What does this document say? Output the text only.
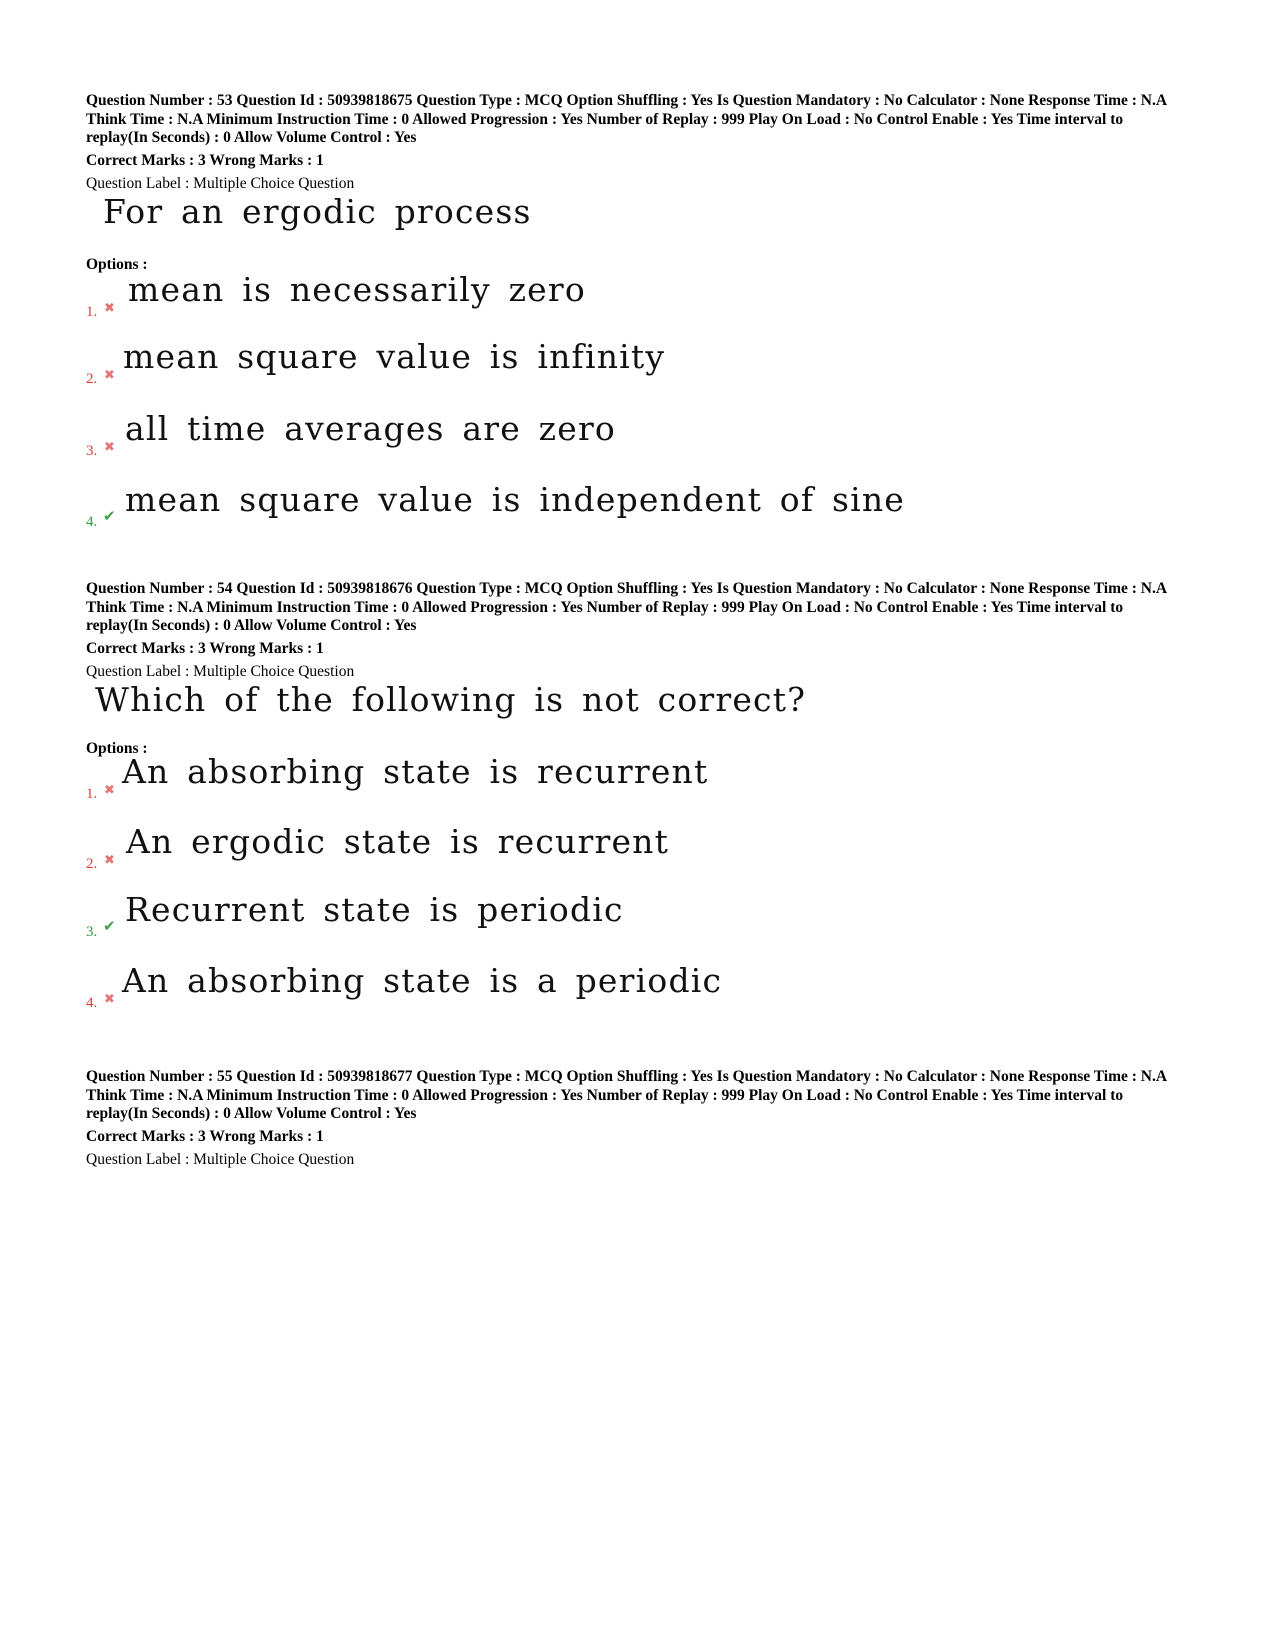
Question Number : 53 Question Id : 50939818675 Question Type : MCQ Option Shuffling : Yes Is Question Mandatory : No Calculator : None Response Time : N.A Think Time : N.A Minimum Instruction Time : 0 Allowed Progression : Yes Number of Replay : 999 Play On Load : No Control Enable : Yes Time interval to replay(In Seconds) : 0 Allow Volume Control : Yes

Correct Marks : 3 Wrong Marks : 1
Question Label : Multiple Choice Question
For an ergodic process
Options :
1. ✖ mean is necessarily zero
2. ✖ mean square value is infinity
3. ✖ all time averages are zero
4. ✔ mean square value is independent of sine

Question Number : 54 Question Id : 50939818676 Question Type : MCQ Option Shuffling : Yes Is Question Mandatory : No Calculator : None Response Time : N.A Think Time : N.A Minimum Instruction Time : 0 Allowed Progression : Yes Number of Replay : 999 Play On Load : No Control Enable : Yes Time interval to replay(In Seconds) : 0 Allow Volume Control : Yes

Correct Marks : 3 Wrong Marks : 1
Question Label : Multiple Choice Question
Which of the following is not correct?
Options :
1. ✖ An absorbing state is recurrent
2. ✖ An ergodic state is recurrent
3. ✔ Recurrent state is periodic
4. ✖ An absorbing state is a periodic

Question Number : 55 Question Id : 50939818677 Question Type : MCQ Option Shuffling : Yes Is Question Mandatory : No Calculator : None Response Time : N.A Think Time : N.A Minimum Instruction Time : 0 Allowed Progression : Yes Number of Replay : 999 Play On Load : No Control Enable : Yes Time interval to replay(In Seconds) : 0 Allow Volume Control : Yes

Correct Marks : 3 Wrong Marks : 1
Question Label : Multiple Choice Question
